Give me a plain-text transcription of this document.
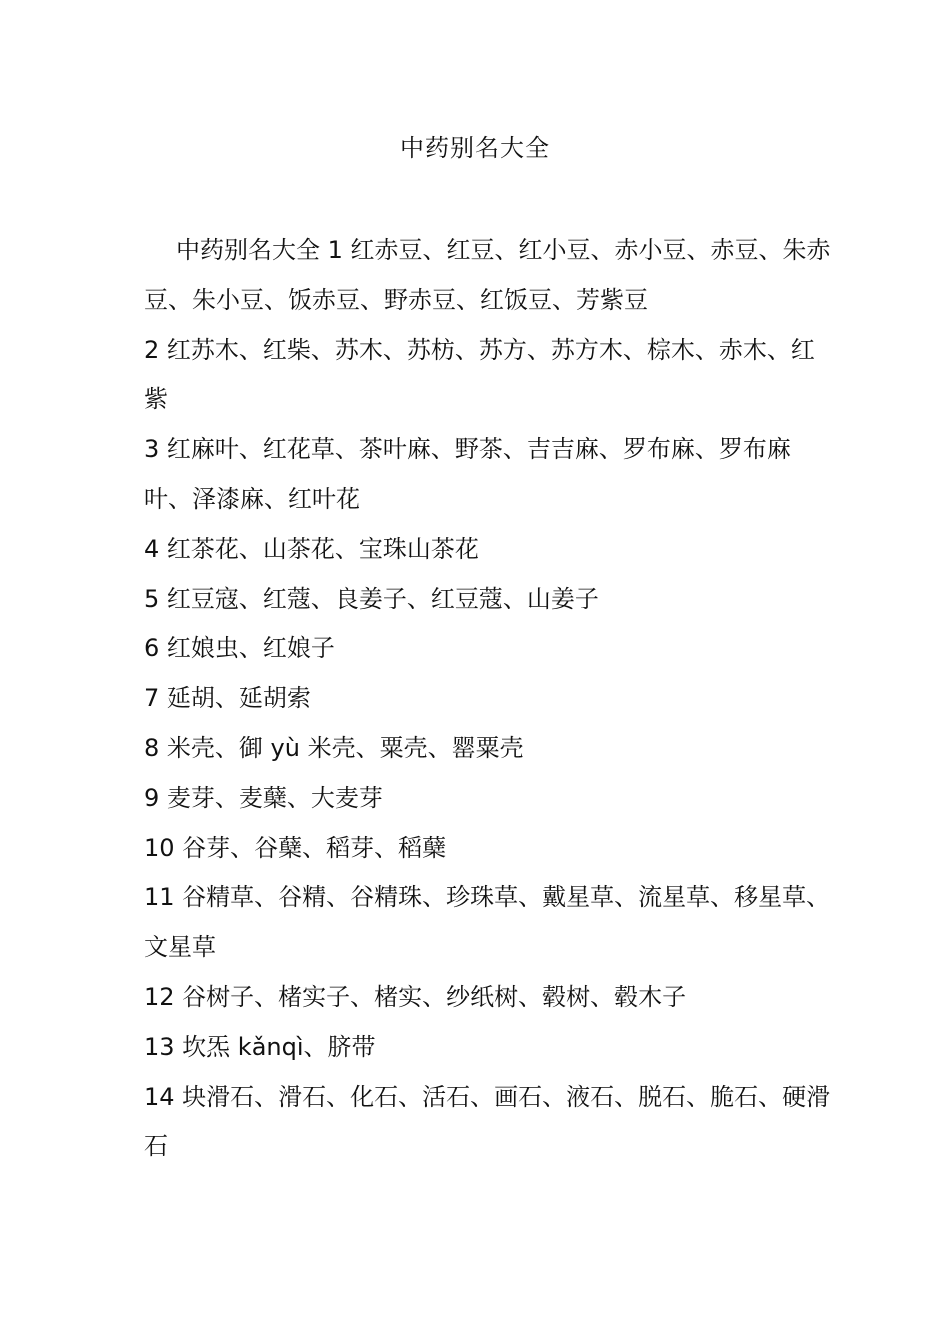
中药别名大全

中药别名大全 1 红赤豆、红豆、红小豆、赤小豆、赤豆、朱赤豆、朱小豆、饭赤豆、野赤豆、红饭豆、芳紫豆

2 红苏木、红柴、苏木、苏枋、苏方、苏方木、棕木、赤木、红紫

3 红麻叶、红花草、茶叶麻、野茶、吉吉麻、罗布麻、罗布麻叶、泽漆麻、红叶花

4 红茶花、山茶花、宝珠山茶花

5 红豆寇、红蔻、良姜子、红豆蔻、山姜子

6 红娘虫、红娘子

7 延胡、延胡索

8 米壳、御 yù 米壳、粟壳、罂粟壳

9 麦芽、麦蘖、大麦芽

10 谷芽、谷蘖、稻芽、稻蘖

11 谷精草、谷精、谷精珠、珍珠草、戴星草、流星草、移星草、文星草

12 谷树子、楮实子、楮实、纱纸树、毂树、毂木子

13 坎炁 kǎnqì、脐带

14 块滑石、滑石、化石、活石、画石、液石、脱石、脆石、硬滑石
